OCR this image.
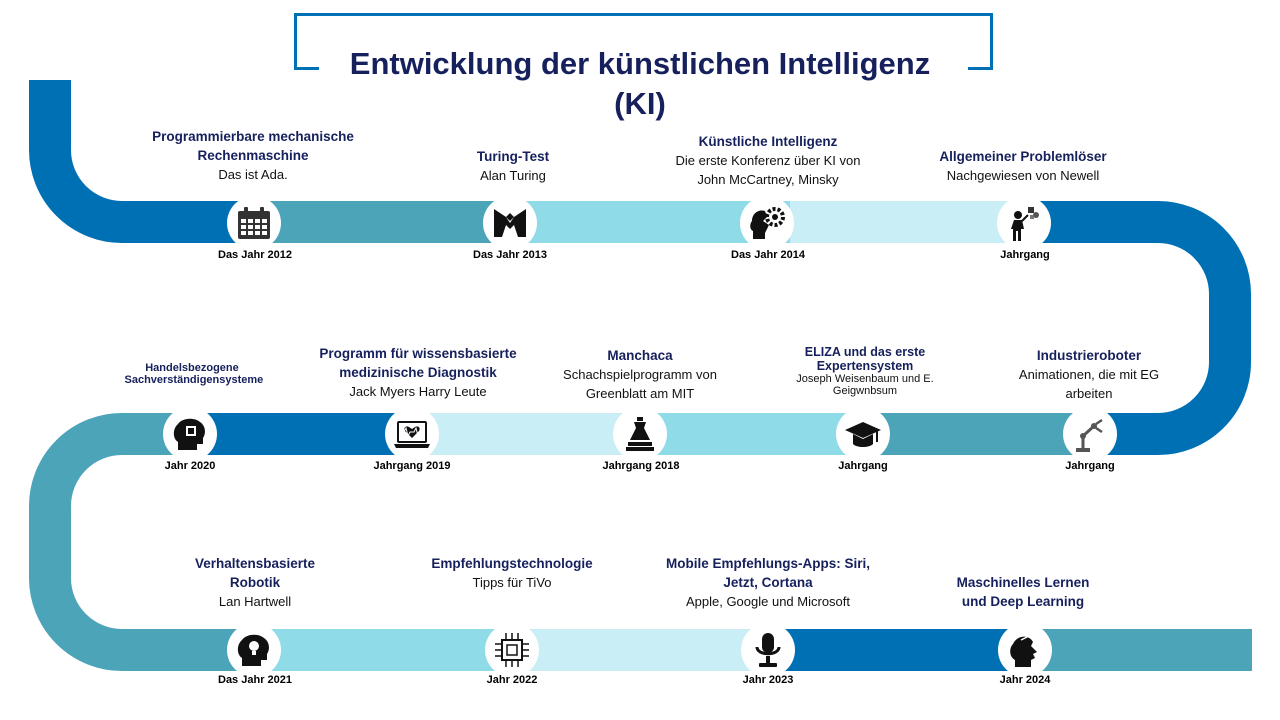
Entwicklung der künstlichen Intelligenz (KI)
Programmierbare mechanische Rechenmaschine
Das ist Ada.
Das Jahr 2012
Turing-Test
Alan Turing
Das Jahr 2013
Künstliche Intelligenz
Die erste Konferenz über KI von John McCartney, Minsky
Das Jahr 2014
Allgemeiner Problemlöser
Nachgewiesen von Newell
Jahrgang
Industrieroboter
Animationen, die mit EG arbeiten
Jahrgang
ELIZA und das erste Expertensystem
Joseph Weisenbaum und E. Geigwnbsum
Jahrgang
Manchaca
Schachspielprogramm von Greenblatt am MIT
Jahrgang 2018
Programm für wissensbasierte medizinische Diagnostik
Jack Myers Harry Leute
Jahrgang 2019
Handelsbezogene Sachverständigensysteme
Jahr 2020
Verhaltensbasierte Robotik
Lan Hartwell
Das Jahr 2021
Empfehlungstechnologie
Tipps für TiVo
Jahr 2022
Mobile Empfehlungs-Apps: Siri, Jetzt, Cortana
Apple, Google und Microsoft
Jahr 2023
Maschinelles Lernen und Deep Learning
Jahr 2024
